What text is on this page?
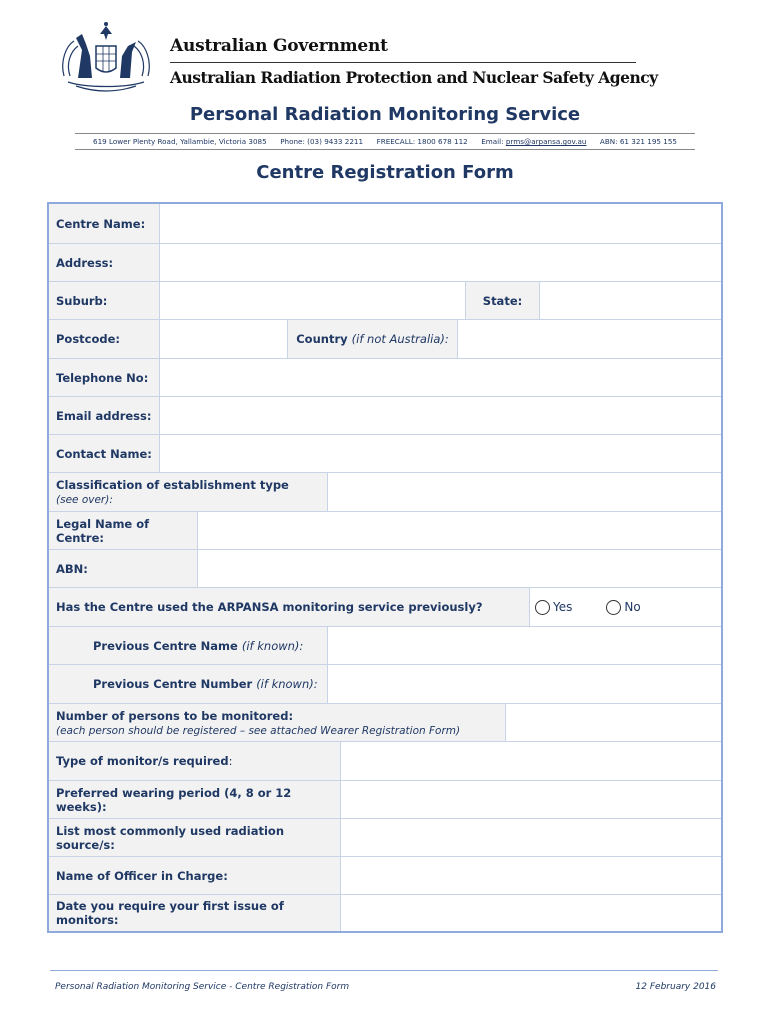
Australian Government
Australian Radiation Protection and Nuclear Safety Agency
Personal Radiation Monitoring Service
619 Lower Plenty Road, Yallambie, Victoria 3085 Phone: (03) 9433 2211 FREECALL: 1800 678 112 Email: prms@arpansa.gov.au ABN: 61 321 195 155
Centre Registration Form
Centre Name:
Address:
Suburb:	State:
Postcode:	Country
(if not Australia):
Telephone No:
Email address:
Contact Name:
Classification of establishment type
(see over):
Legal Name of Centre:
ABN:
Has the Centre used the ARPANSA monitoring service previously?	Yes	No
Previous Centre Name
(if known):
Previous Centre Number
(if known):
Number of persons to be monitored:
(each person should be registered – see attached Wearer Registration Form)
Type of monitor/s required :
Preferred wearing period (4, 8 or 12 weeks):
List most commonly used radiation source/s:
Name of Officer in Charge:
Date you require your first issue of monitors:
Personal Radiation Monitoring Service - Centre Registration Form	12 February 2016
